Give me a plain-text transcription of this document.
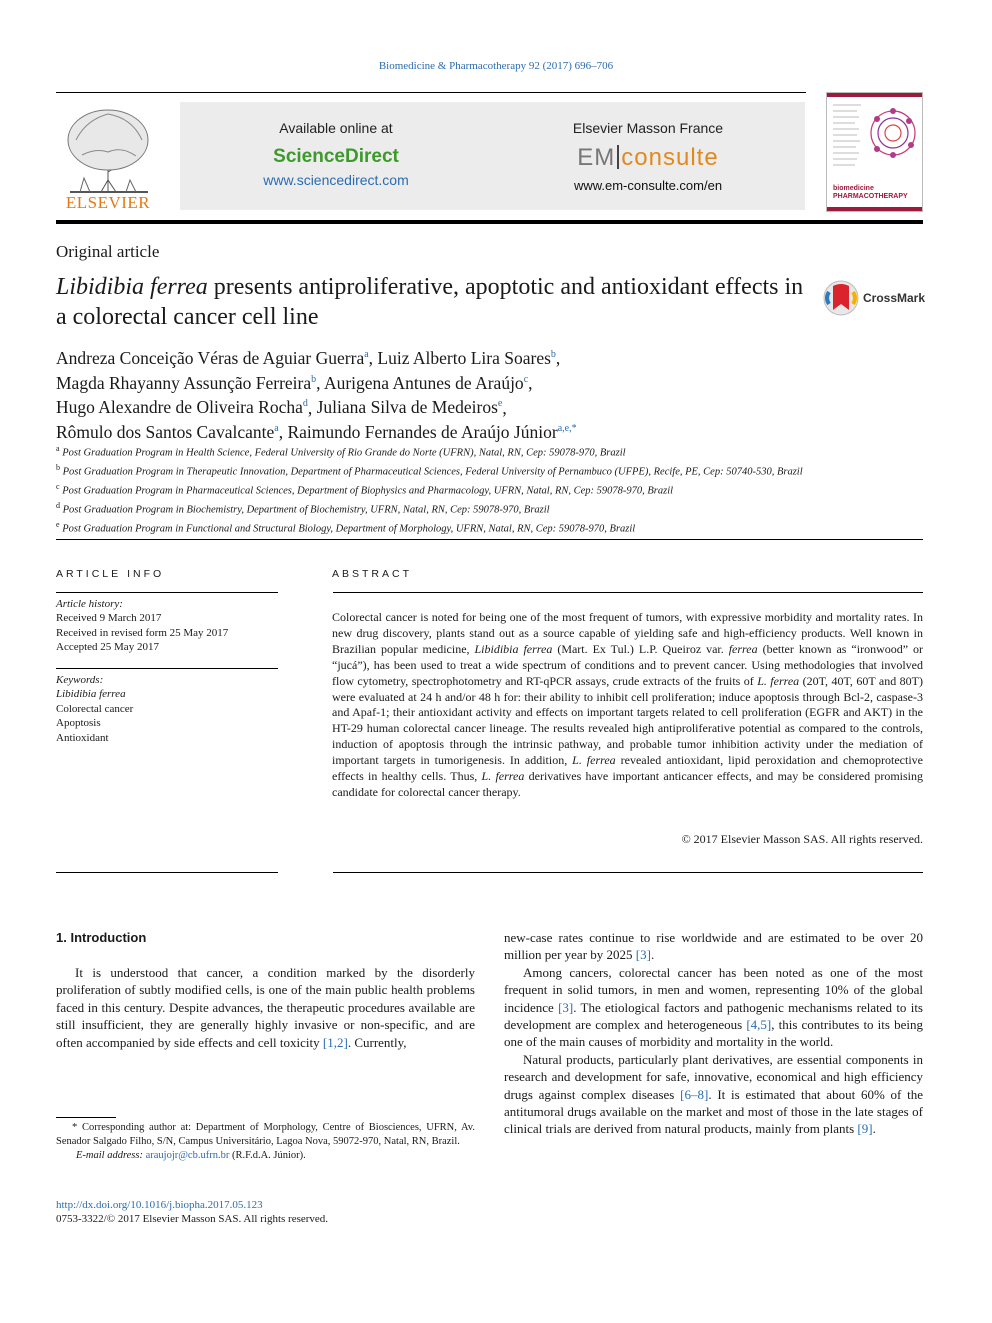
Biomedicine & Pharmacotherapy 92 (2017) 696–706
ELSEVIER
Available online at
ScienceDirect
www.sciencedirect.com
Elsevier Masson France
EM consulte
www.em-consulte.com/en	biomedicine
PHARMACOTHERAPY
Original article
Libidibia ferrea presents antiproliferative, apoptotic and antioxidant effects in a colorectal cancer cell line
CrossMark
Andreza Conceição Véras de Aguiar Guerra$^a$, Luiz Alberto Lira Soares$^b$,
Magda Rhayanny Assunção Ferreira$^b$, Aurigena Antunes de Araújo$^c$,
Hugo Alexandre de Oliveira Rocha$^d$, Juliana Silva de Medeiros$^e$,
Rômulo dos Santos Cavalcante$^a$, Raimundo Fernandes de Araújo Júnior$^{a,e,*}$
$^a$ Post Graduation Program in Health Science, Federal University of Rio Grande do Norte (UFRN), Natal, RN, Cep: 59078-970, Brazil
$^b$ Post Graduation Program in Therapeutic Innovation, Department of Pharmaceutical Sciences, Federal University of Pernambuco (UFPE), Recife, PE, Cep: 50740-530, Brazil
$^c$ Post Graduation Program in Pharmaceutical Sciences, Department of Biophysics and Pharmacology, UFRN, Natal, RN, Cep: 59078-970, Brazil
$^d$ Post Graduation Program in Biochemistry, Department of Biochemistry, UFRN, Natal, RN, Cep: 59078-970, Brazil
$^e$ Post Graduation Program in Functional and Structural Biology, Department of Morphology, UFRN, Natal, RN, Cep: 59078-970, Brazil
ARTICLE INFO
Article history:
Received 9 March 2017
Received in revised form 25 May 2017
Accepted 25 May 2017
Keywords:
Libidibia ferrea
Colorectal cancer
Apoptosis
Antioxidant
ABSTRACT
Colorectal cancer is noted for being one of the most frequent of tumors, with expressive morbidity and mortality rates. In new drug discovery, plants stand out as a source capable of yielding safe and high-efficiency products. Well known in Brazilian popular medicine, Libidibia ferrea (Mart. Ex Tul.) L.P. Queiroz var. ferrea (better known as “ironwood” or “jucá”), has been used to treat a wide spectrum of conditions and to prevent cancer. Using methodologies that involved flow cytometry, spectrophotometry and RT-qPCR assays, crude extracts of the fruits of L. ferrea (20T, 40T, 60T and 80T) were evaluated at 24 h and/or 48 h for: their ability to inhibit cell proliferation; induce apoptosis through Bcl-2, caspase-3 and Apaf-1; their antioxidant activity and effects on important targets related to cell proliferation (EGFR and AKT) in the HT-29 human colorectal cancer lineage. The results revealed high antiproliferative potential as compared to the controls, induction of apoptosis through the intrinsic pathway, and probable tumor inhibition activity under the mediation of important targets in tumorigenesis. In addition, L. ferrea revealed antioxidant, lipid peroxidation and chemoprotective effects in healthy cells. Thus, L. ferrea derivatives have important anticancer effects, and may be considered promising candidate for colorectal cancer therapy.
© 2017 Elsevier Masson SAS. All rights reserved.
1. Introduction

It is understood that cancer, a condition marked by the disorderly proliferation of subtly modified cells, is one of the main public health problems faced in this century. Despite advances, the therapeutic procedures available are still insufficient, they are generally highly invasive or non-specific, and are often accompanied by side effects and cell toxicity [1,2]. Currently,

new-case rates continue to rise worldwide and are estimated to be over 20 million per year by 2025 [3].

Among cancers, colorectal cancer has been noted as one of the most frequent in solid tumors, in men and women, representing 10% of the global incidence [3]. The etiological factors and pathogenic mechanisms related to its development are complex and heterogeneous [4,5], this contributes to its being one of the main causes of morbidity and mortality in the world.

Natural products, particularly plant derivatives, are essential components in research and development for safe, innovative, economical and high efficiency drugs against complex diseases [6–8]. It is estimated that about 60% of the antitumoral drugs available on the market and most of those in the late stages of clinical trials are derived from natural products, mainly from plants [9].

* Corresponding author at: Department of Morphology, Centre of Biosciences, UFRN, Av. Senador Salgado Filho, S/N, Campus Universitário, Lagoa Nova, 59072-970, Natal, RN, Brazil.
E-mail address: araujojr@cb.ufrn.br (R.F.d.A. Júnior).
http://dx.doi.org/10.1016/j.biopha.2017.05.123
0753-3322/© 2017 Elsevier Masson SAS. All rights reserved.
